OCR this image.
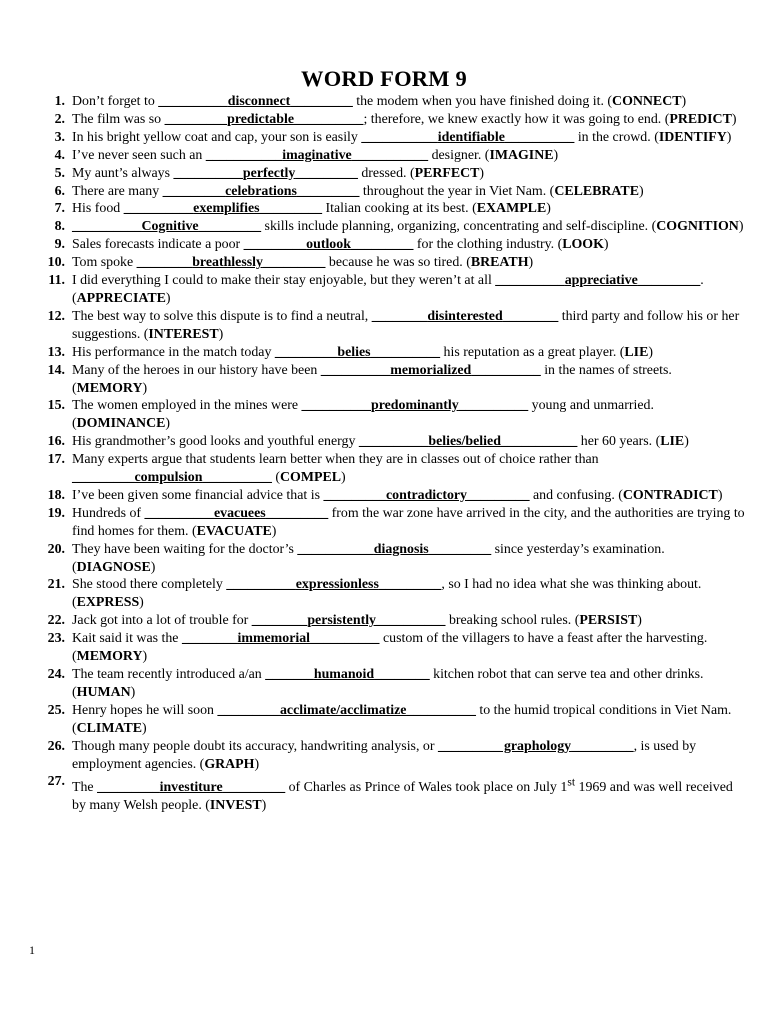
WORD FORM 9
1. Don’t forget to __________disconnect_________ the modem when you have finished doing it. (CONNECT)
2. The film was so _________predictable__________; therefore, we knew exactly how it was going to end. (PREDICT)
3. In his bright yellow coat and cap, your son is easily ___________identifiable__________ in the crowd. (IDENTIFY)
4. I’ve never seen such an ___________imaginative___________ designer. (IMAGINE)
5. My aunt’s always __________perfectly_________ dressed. (PERFECT)
6. There are many _________celebrations_________ throughout the year in Viet Nam. (CELEBRATE)
7. His food __________exemplifies_________ Italian cooking at its best. (EXAMPLE)
8. __________Cognitive_________ skills include planning, organizing, concentrating and self-discipline. (COGNITION)
9. Sales forecasts indicate a poor _________outlook_________ for the clothing industry. (LOOK)
10. Tom spoke ________breathlessly_________ because he was so tired. (BREATH)
11. I did everything I could to make their stay enjoyable, but they weren’t at all __________appreciative_________. (APPRECIATE)
12. The best way to solve this dispute is to find a neutral, ________disinterested________ third party and follow his or her suggestions. (INTEREST)
13. His performance in the match today _________belies__________ his reputation as a great player. (LIE)
14. Many of the heroes in our history have been __________memorialized__________ in the names of streets. (MEMORY)
15. The women employed in the mines were __________predominantly__________ young and unmarried. (DOMINANCE)
16. His grandmother’s good looks and youthful energy __________belies/belied___________ her 60 years. (LIE)
17. Many experts argue that students learn better when they are in classes out of choice rather than _________compulsion__________ (COMPEL)
18. I’ve been given some financial advice that is _________contradictory_________ and confusing. (CONTRADICT)
19. Hundreds of __________evacuees_________ from the war zone have arrived in the city, and the authorities are trying to find homes for them. (EVACUATE)
20. They have been waiting for the doctor’s ___________diagnosis_________ since yesterday’s examination. (DIAGNOSE)
21. She stood there completely __________expressionless_________, so I had no idea what she was thinking about. (EXPRESS)
22. Jack got into a lot of trouble for ________persistently__________ breaking school rules. (PERSIST)
23. Kait said it was the ________immemorial__________ custom of the villagers to have a feast after the harvesting. (MEMORY)
24. The team recently introduced a/an _______humanoid________ kitchen robot that can serve tea and other drinks. (HUMAN)
25. Henry hopes he will soon _________acclimate/acclimatize__________ to the humid tropical conditions in Viet Nam. (CLIMATE)
26. Though many people doubt its accuracy, handwriting analysis, or _________ graphology_________, is used by employment agencies. (GRAPH)
27. The _________investiture_________ of Charles as Prince of Wales took place on July 1st 1969 and was well received by many Welsh people. (INVEST)
1
